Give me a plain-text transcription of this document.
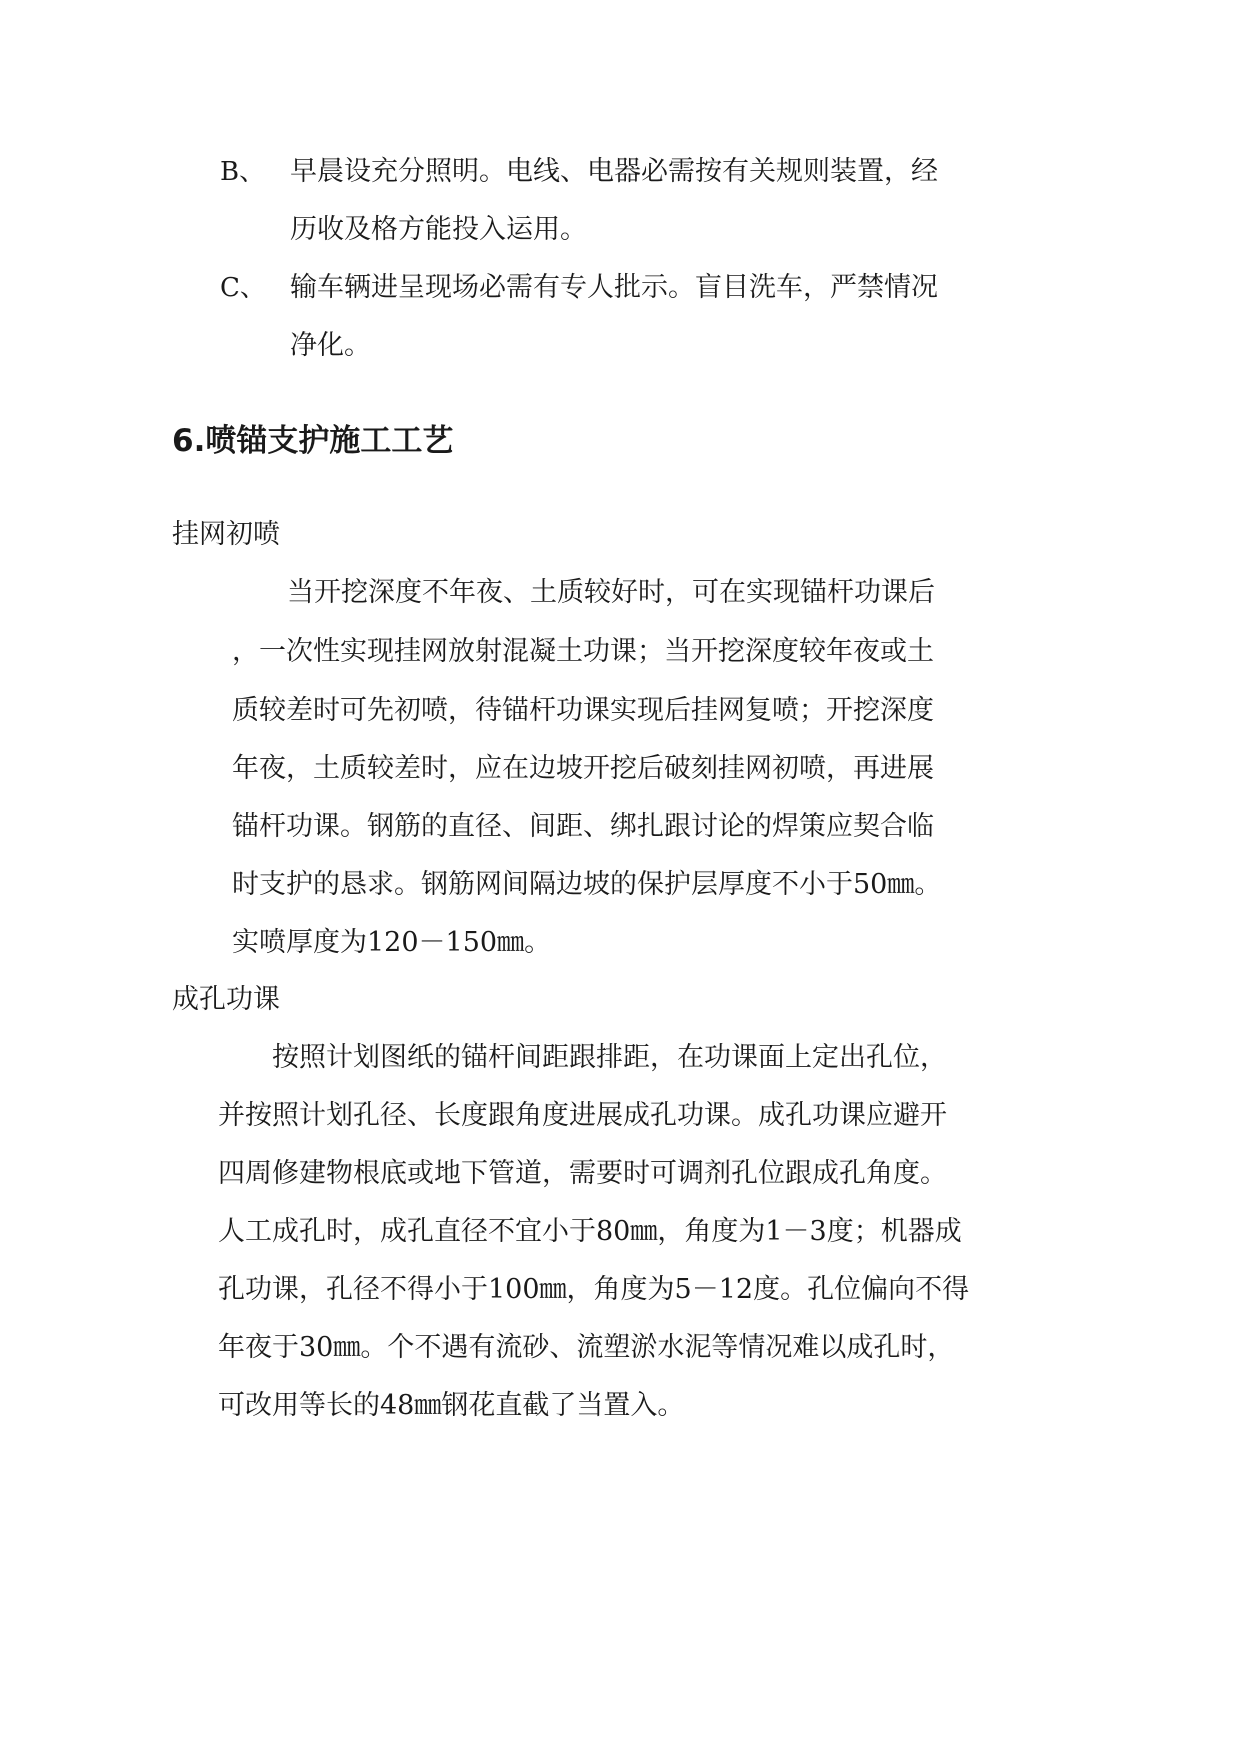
B、 早晨设充分照明。电线、电器必需按有关规则装置，经
历收及格方能投入运用。
C、 输车辆进呈现场必需有专人批示。盲目洗车，严禁情况
净化。
6.喷锚支护施工工艺
挂网初喷
当开挖深度不年夜、土质较好时，可在实现锚杆功课后
，一次性实现挂网放射混凝土功课；当开挖深度较年夜或土
质较差时可先初喷，待锚杆功课实现后挂网复喷；开挖深度
年夜，土质较差时，应在边坡开挖后破刻挂网初喷，再进展
锚杆功课。钢筋的直径、间距、绑扎跟讨论的焊策应契合临
时支护的恳求。钢筋网间隔边坡的保护层厚度不小于50㎜。
实喷厚度为120－150㎜。
成孔功课
按照计划图纸的锚杆间距跟排距，在功课面上定出孔位，
并按照计划孔径、长度跟角度进展成孔功课。成孔功课应避开
四周修建物根底或地下管道，需要时可调剂孔位跟成孔角度。
人工成孔时，成孔直径不宜小于80㎜，角度为1－3度；机器成
孔功课，孔径不得小于100㎜，角度为5－12度。孔位偏向不得
年夜于30㎜。个不遇有流砂、流塑淤水泥等情况难以成孔时，
可改用等长的48㎜钢花直截了当置入。
